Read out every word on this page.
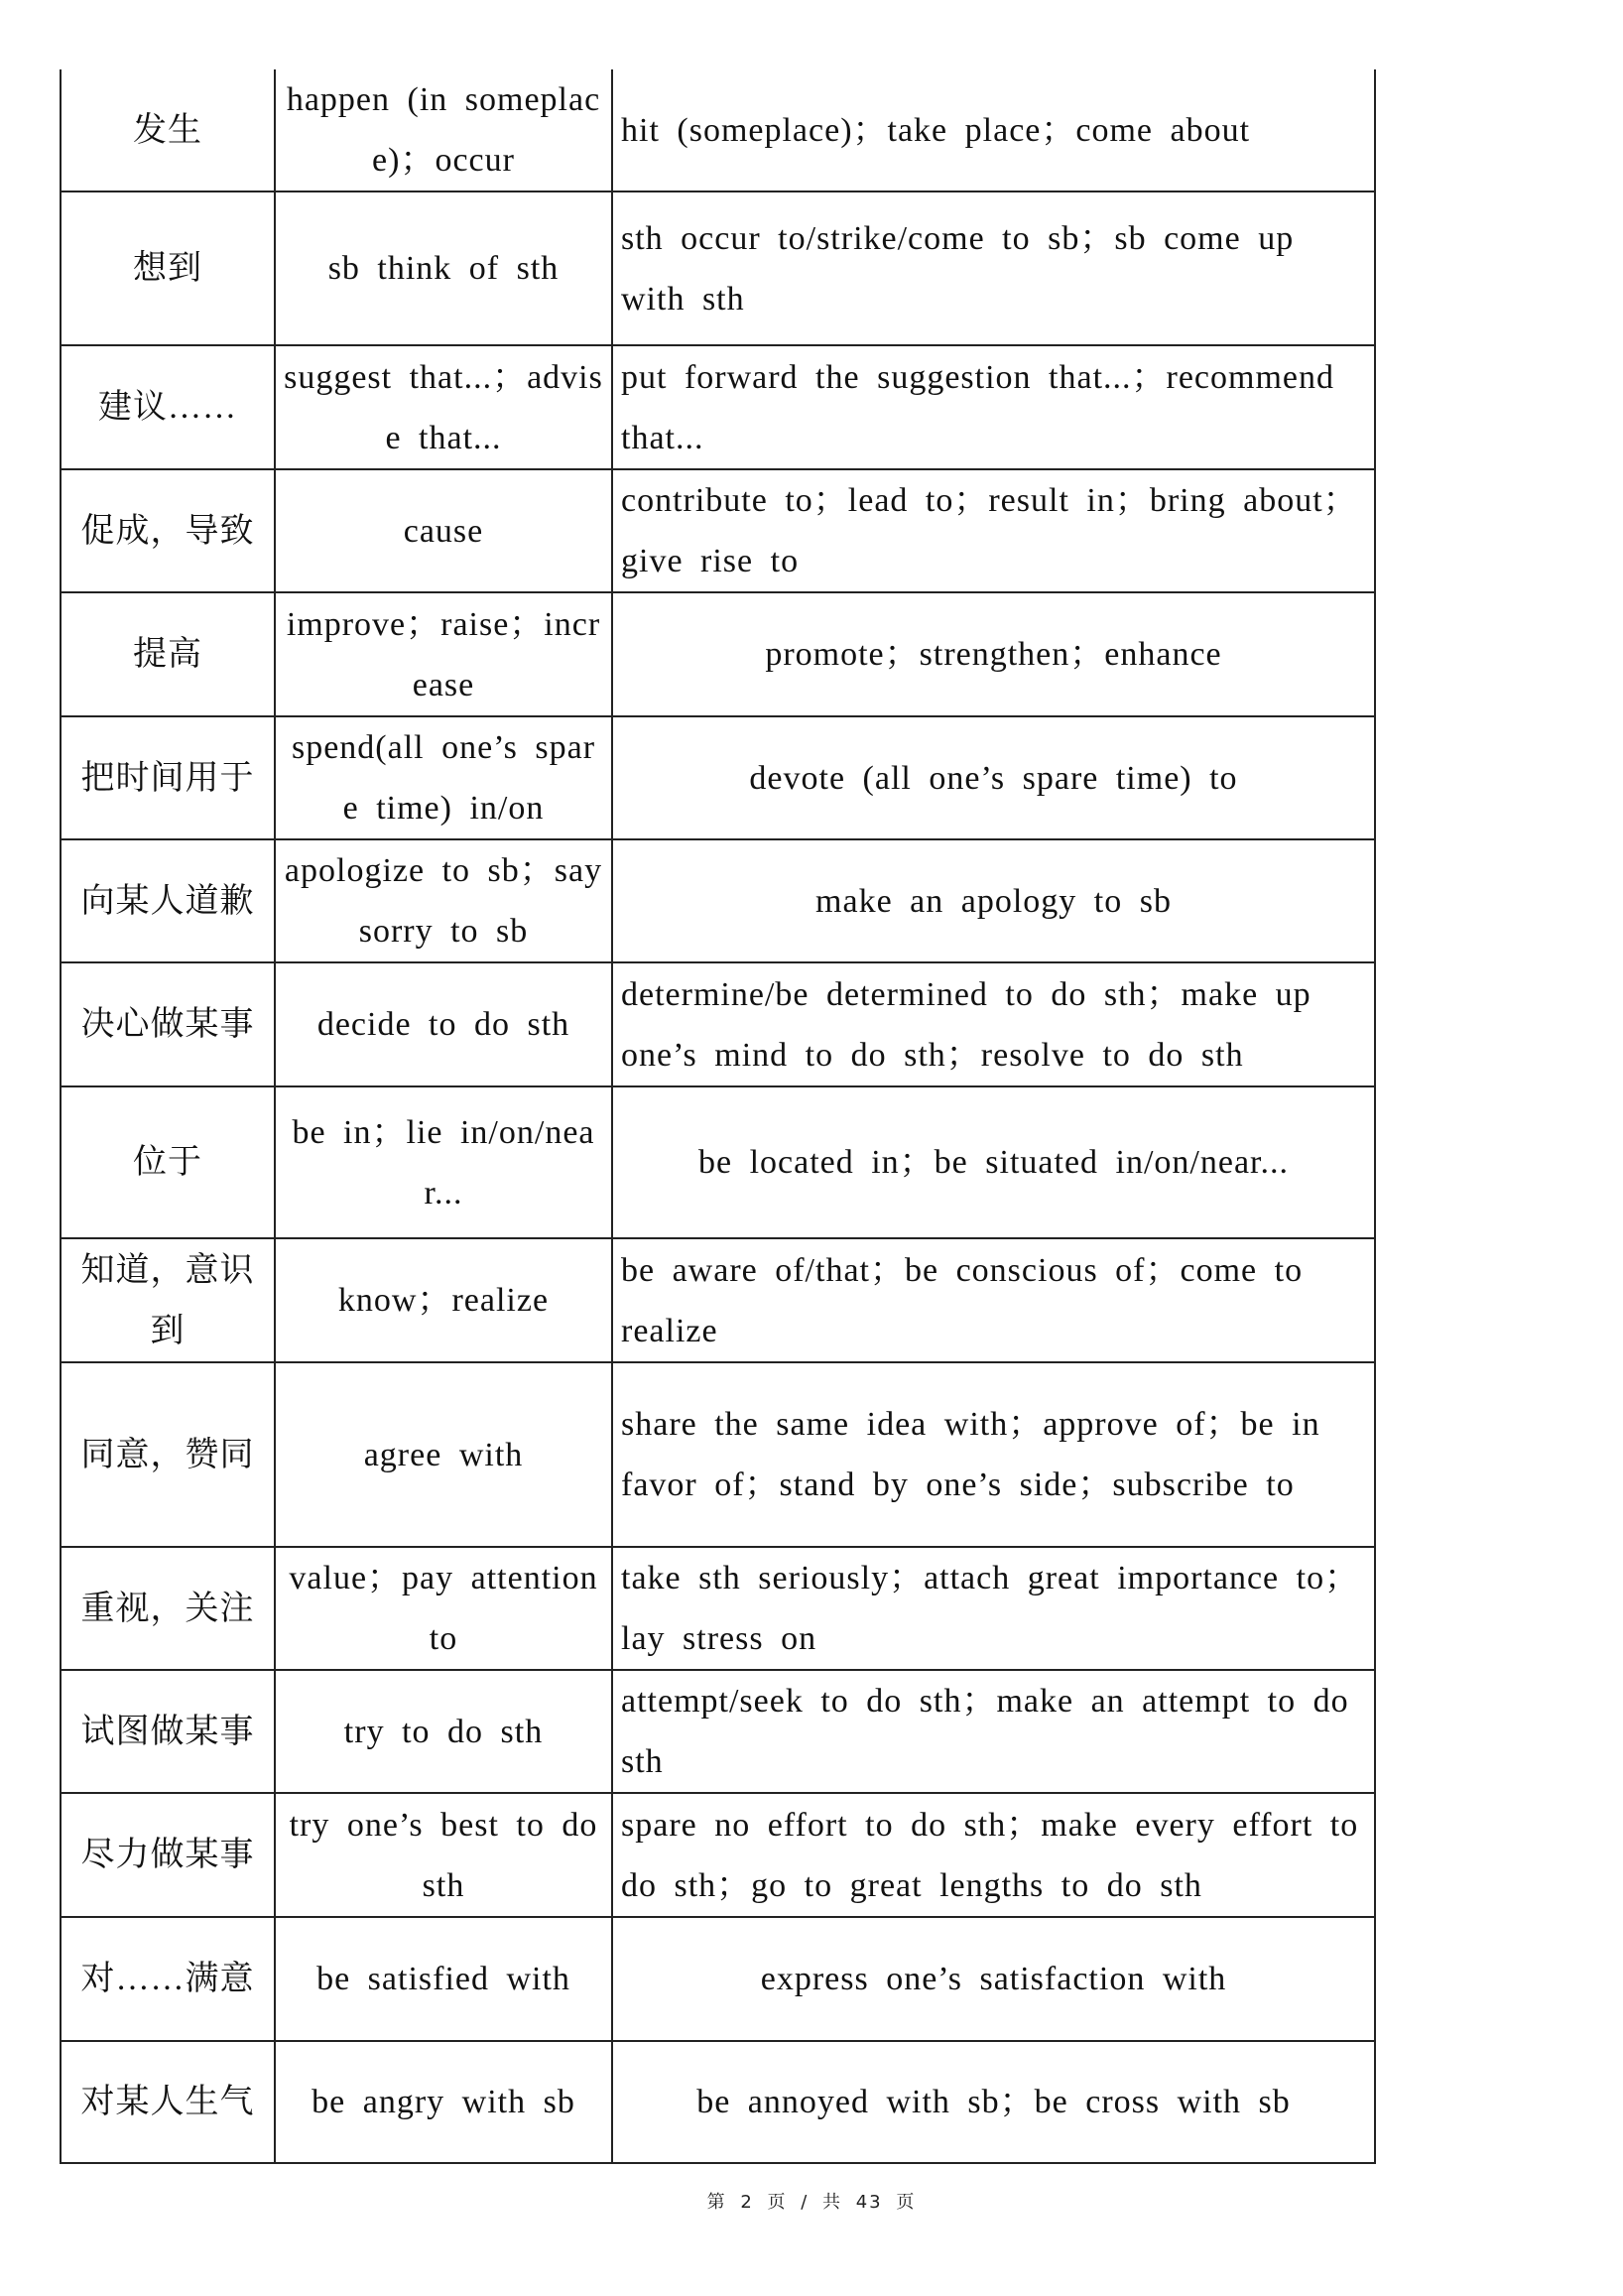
发生	happen (in someplace)；occur	hit (someplace)；take place；come about
想到	sb think of sth	sth occur to/strike/come to sb；sb come up with sth
建议……	suggest that...；advise that...	put forward the suggestion that...；recommend that...
促成，导致	cause	contribute to；lead to；result in；bring about；give rise to
提高	improve；raise；increase	promote；strengthen；enhance
把时间用于	spend(all one’s spare time) in/on	devote (all one’s spare time) to
向某人道歉	apologize to sb；say sorry to sb	make an apology to sb
决心做某事	decide to do sth	determine/be determined to do sth；make up one’s mind to do sth；resolve to do sth
位于	be in；lie in/on/near...	be located in；be situated in/on/near...
知道，意识到	know；realize	be aware of/that；be conscious of；come to realize
同意，赞同	agree with	share the same idea with；approve of；be in favor of；stand by one’s side；subscribe to
重视，关注	value；pay attention to	take sth seriously；attach great importance to；lay stress on
试图做某事	try to do sth	attempt/seek to do sth；make an attempt to do sth
尽力做某事	try one’s best to do sth	spare no effort to do sth；make every effort to do sth；go to great lengths to do sth
对……满意	be satisfied with	express one’s satisfaction with
对某人生气	be angry with sb	be annoyed with sb；be cross with sb
第 2 页 / 共 43 页
